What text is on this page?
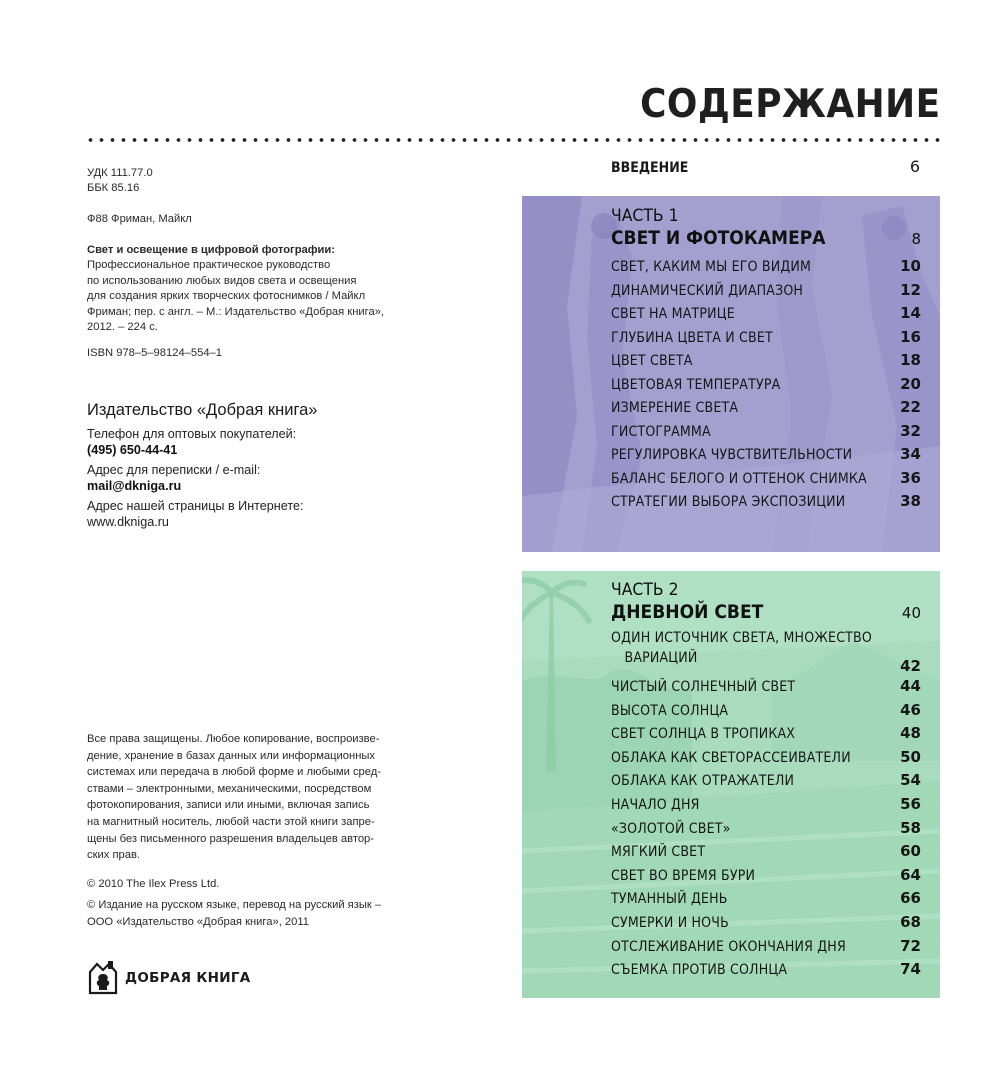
СОДЕРЖАНИЕ
УДК 111.77.0
ББК 85.16
Ф88 Фриман, Майкл
Свет и освещение в цифровой фотографии:
Профессиональное практическое руководство
по использованию любых видов света и освещения
для создания ярких творческих фотоснимков / Майкл
Фриман; пер. с англ. – М.: Издательство «Добрая книга»,
2012. – 224 с.
ISBN 978–5–98124–554–1
Издательство «Добрая книга»
Телефон для оптовых покупателей:
(495) 650-44-41
Адрес для переписки / e-mail:
mail@dkniga.ru
Адрес нашей страницы в Интернете:
www.dkniga.ru
Все права защищены. Любое копирование, воспроизве-
дение, хранение в базах данных или информационных
системах или передача в любой форме и любыми сред-
ствами – электронными, механическими, посредством
фотокопирования, записи или иными, включая запись
на магнитный носитель, любой части этой книги запре-
щены без письменного разрешения владельцев автор-
ских прав.
© 2010 The Ilex Press Ltd.
© Издание на русском языке, перевод на русский язык –
ООО «Издательство «Добрая книга», 2011
ДОБРАЯ КНИГА
ВВЕДЕНИЕ	6
ЧАСТЬ 1
СВЕТ И ФОТОКАМЕРА	8
СВЕТ, КАКИМ МЫ ЕГО ВИДИМ	10
ДИНАМИЧЕСКИЙ ДИАПАЗОН	12
СВЕТ НА МАТРИЦЕ	14
ГЛУБИНА ЦВЕТА И СВЕТ	16
ЦВЕТ СВЕТА	18
ЦВЕТОВАЯ ТЕМПЕРАТУРА	20
ИЗМЕРЕНИЕ СВЕТА	22
ГИСТОГРАММА	32
РЕГУЛИРОВКА ЧУВСТВИТЕЛЬНОСТИ	34
БАЛАНС БЕЛОГО И ОТТЕНОК СНИМКА 36
СТРАТЕГИИ ВЫБОРА ЭКСПОЗИЦИИ	38
ЧАСТЬ 2
ДНЕВНОЙ СВЕТ	40
ОДИН ИСТОЧНИК СВЕТА, МНОЖЕСТВО
ВАРИАЦИЙ	42
ЧИСТЫЙ СОЛНЕЧНЫЙ СВЕТ	44
ВЫСОТА СОЛНЦА	46
СВЕТ СОЛНЦА В ТРОПИКАХ	48
ОБЛАКА КАК СВЕТОРАССЕИВАТЕЛИ	50
ОБЛАКА КАК ОТРАЖАТЕЛИ	54
НАЧАЛО ДНЯ	56
«ЗОЛОТОЙ СВЕТ»	58
МЯГКИЙ СВЕТ	60
СВЕТ ВО ВРЕМЯ БУРИ	64
ТУМАННЫЙ ДЕНЬ	66
СУМЕРКИ И НОЧЬ	68
ОТСЛЕЖИВАНИЕ ОКОНЧАНИЯ ДНЯ	72
СЪЕМКА ПРОТИВ СОЛНЦА	74
